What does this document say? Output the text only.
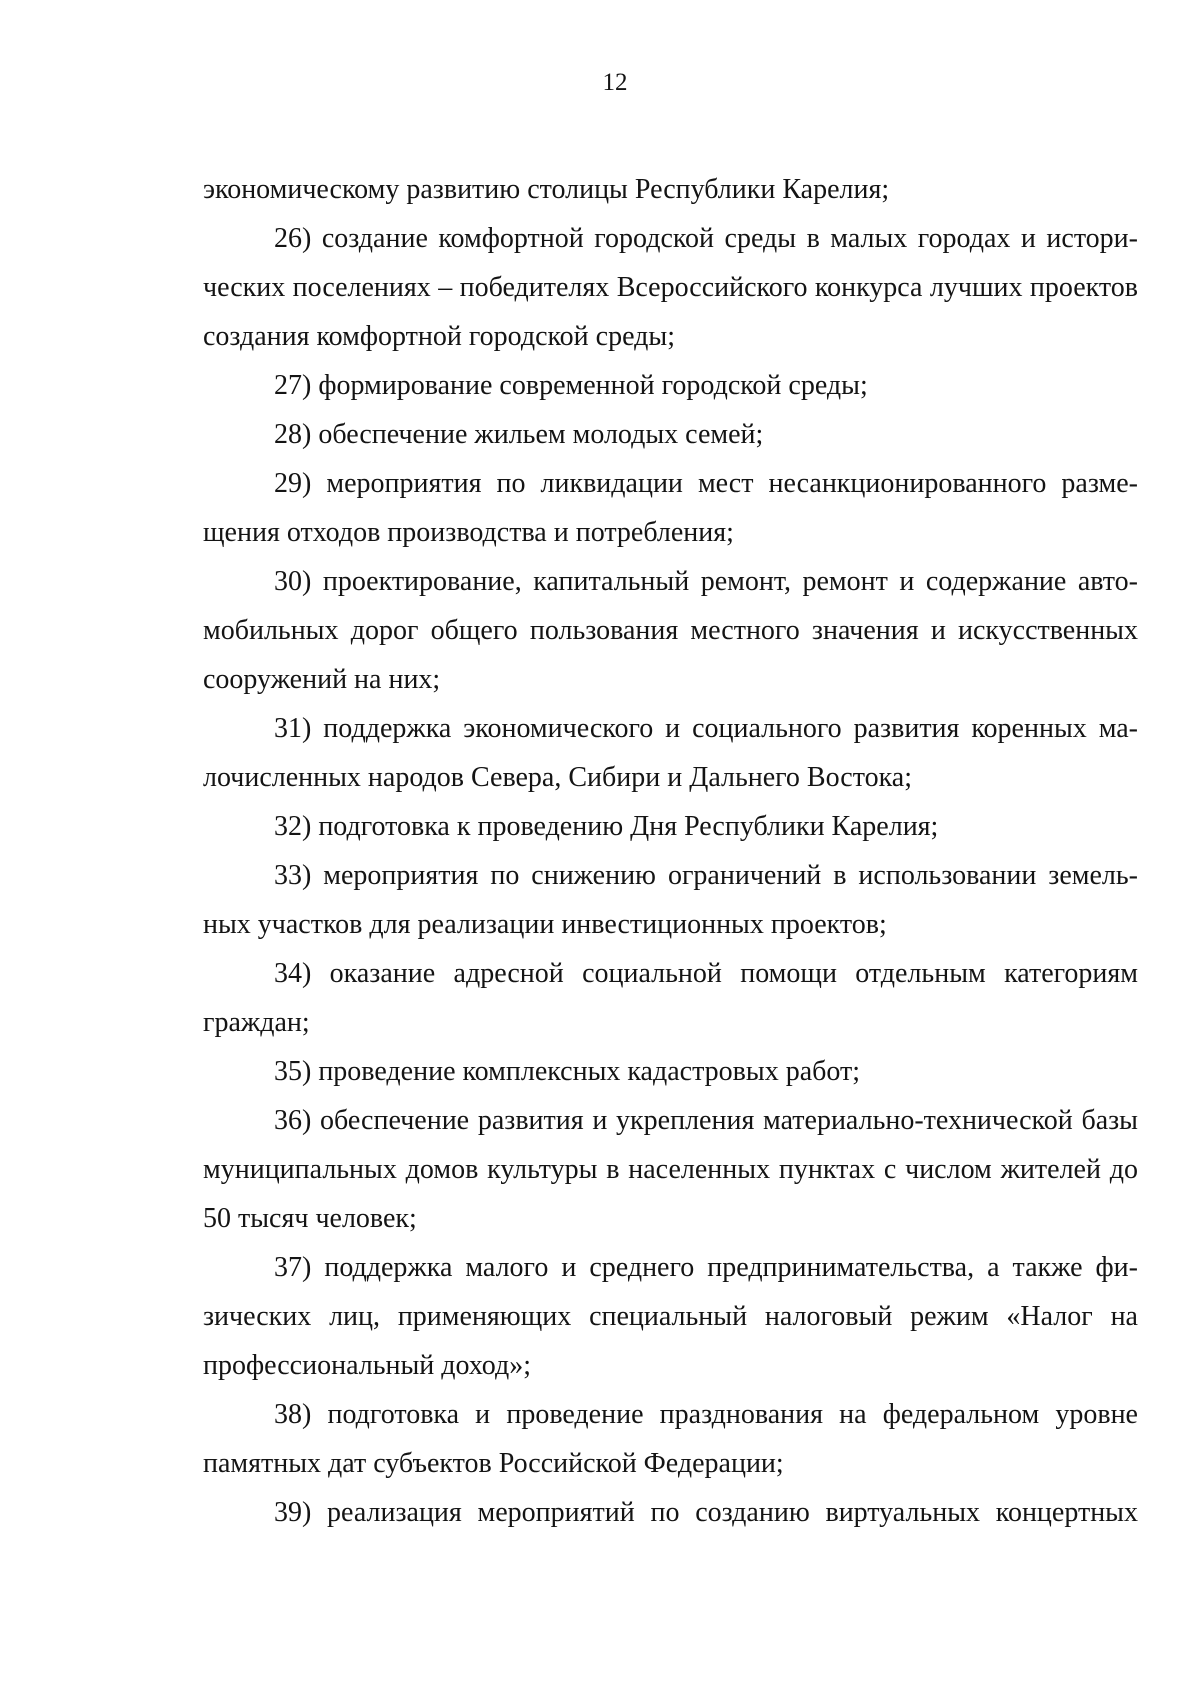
12

экономическому развитию столицы Республики Карелия;

26) создание комфортной городской среды в малых городах и исторических поселениях – победителях Всероссийского конкурса лучших проектов создания комфортной городской среды;

27) формирование современной городской среды;

28) обеспечение жильем молодых семей;

29) мероприятия по ликвидации мест несанкционированного размещения отходов производства и потребления;

30) проектирование, капитальный ремонт, ремонт и содержание автомобильных дорог общего пользования местного значения и искусственных сооружений на них;

31) поддержка экономического и социального развития коренных малочисленных народов Севера, Сибири и Дальнего Востока;

32) подготовка к проведению Дня Республики Карелия;

33) мероприятия по снижению ограничений в использовании земельных участков для реализации инвестиционных проектов;

34) оказание адресной социальной помощи отдельным категориям граждан;

35) проведение комплексных кадастровых работ;

36) обеспечение развития и укрепления материально-технической базы муниципальных домов культуры в населенных пунктах с числом жителей до 50 тысяч человек;

37) поддержка малого и среднего предпринимательства, а также физических лиц, применяющих специальный налоговый режим «Налог на профессиональный доход»;

38) подготовка и проведение празднования на федеральном уровне памятных дат субъектов Российской Федерации;

39) реализация мероприятий по созданию виртуальных концертных
